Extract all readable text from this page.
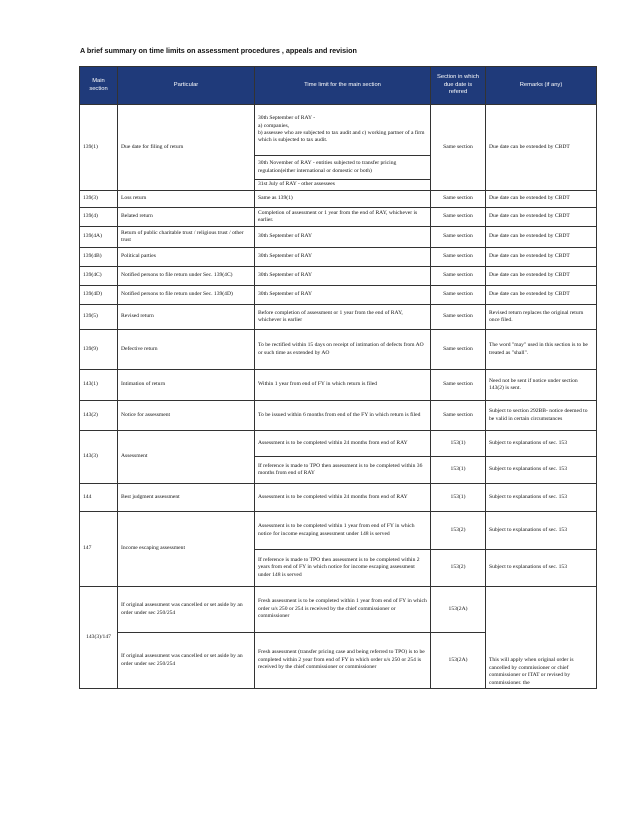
A brief summary on time limits on assessment procedures , appeals and revision
Main section	Particular	Time limit for the main section	Section in which due date is refered	Remarks (if any)
139(1)	Due date for filing of return	30th September of RAY -
a) companies,
b) assessee who are subjected to tax audit and c) working partner of a firm which is subjected to tax audit.	Same section	Due date can be extended by CBDT
		30th November of RAY - entities subjected to transfer pricing regulation(either international or domestic or both)		
		31st July of RAY - other assessees		
139(3)	Loss return	Same as 139(1)	Same section	Due date can be extended by CBDT
139(4)	Belated return	Completion of assessment or 1 year from the end of RAY, whichever is earlier.	Same section	Due date can be extended by CBDT
139(4A)	Return of public charitable trust / religious trust / other trust	30th September of RAY	Same section	Due date can be extended by CBDT
139(4B)	Political parties	30th September of RAY	Same section	Due date can be extended by CBDT
139(4C)	Notified persons to file return under Sec. 139(4C)	30th September of RAY	Same section	Due date can be extended by CBDT
139(4D)	Notified persons to file return under Sec. 139(4D)	30th September of RAY	Same section	Due date can be extended by CBDT
139(5)	Revised return	Before completion of assessment or 1 year from the end of RAY, whichever is earlier	Same section	Revised return replaces the original return once filed.
139(9)	Defective return	To be rectified within 15 days on receipt of intimation of defects from AO or such time as extended by AO	Same section	The word "may" used in this section is to be treated as "shall".
143(1)	Intimation of return	Within 1 year from end of FY in which return is filed	Same section	Need not be sent if notice under section 143(2) is sent.
143(2)	Notice for assessment	To be issued within 6 months from end of the FY in which return is filed	Same section	Subject to section 292BB- notice deemed to be valid in certain circumstances
143(3)	Assessment	Assessment is to be completed within 24 months from end of RAY	153(1)	Subject to explanations of sec. 153
		If reference is made to TPO then assessment is to be completed within 36 months from end of RAY	153(1)	Subject to explanations of sec. 153
144	Best judgment assessment	Assessment is to be completed within 24 months from end of RAY	153(1)	Subject to explanations of sec. 153
147	Income escaping assessment	Assessment is to be completed within 1 year from end of FY in which notice for income escaping assessment under 148 is served	153(2)	Subject to explanations of sec. 153
		If reference is made to TPO then assessment is to be completed within 2 years from end of FY in which notice for income escaping assessment under 148 is served	153(2)	Subject to explanations of sec. 153
143(3)/147	If original assessment was cancelled or set aside by an order under sec 250/254	Fresh assessment is to be completed within 1 year from end of FY in which order u/s 250 or 254 is received by the chief commissioner or commissioner	153(2A)	This will apply when original order is cancelled by commissioner or chief commissioner or ITAT or revised by commissioner. the
	If original assessment was cancelled or set aside by an order under sec 250/254	Fresh assessment (transfer pricing case and being referred to TPO) is to be completed within 2 year from end of FY in which order u/s 250 or 254 is received by the chief commissioner or commissioner	153(2A)	
